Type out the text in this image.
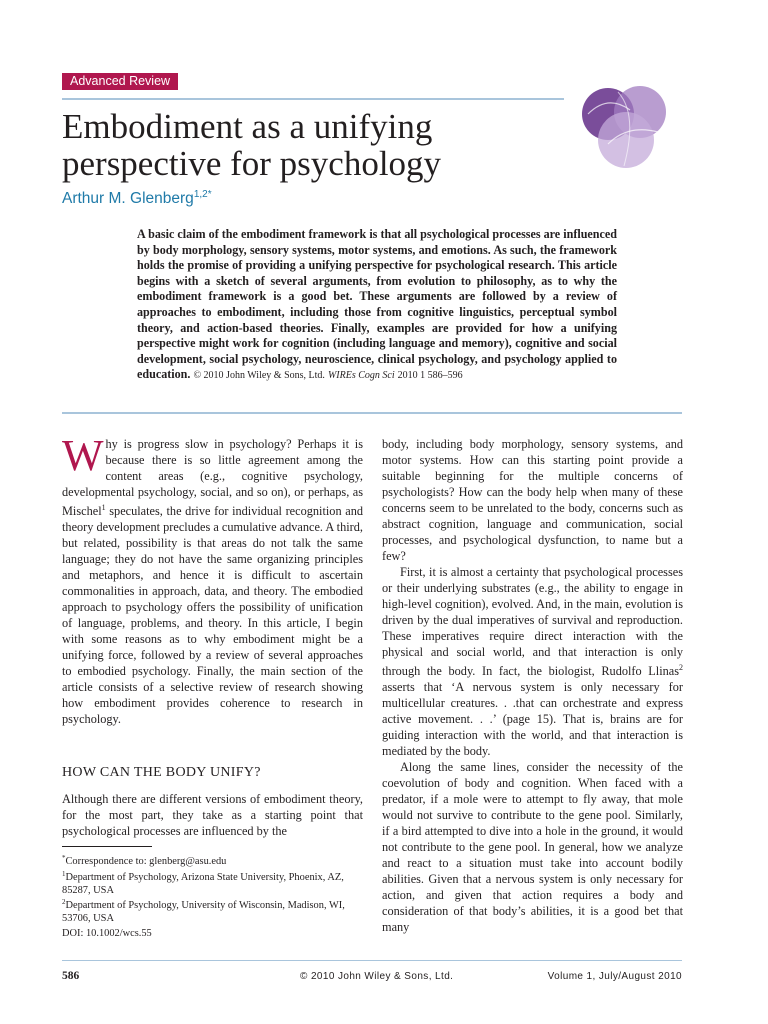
Advanced Review
Embodiment as a unifying perspective for psychology
Arthur M. Glenberg$^{1,2*}$

A basic claim of the embodiment framework is that all psychological processes are influenced by body morphology, sensory systems, motor systems, and emotions. As such, the framework holds the promise of providing a unifying perspective for psychological research. This article begins with a sketch of several arguments, from evolution to philosophy, as to why the embodiment framework is a good bet. These arguments are followed by a review of approaches to embodiment, including those from cognitive linguistics, perceptual symbol theory, and action-based theories. Finally, examples are provided for how a unifying perspective might work for cognition (including language and memory), cognitive and social development, social psychology, neuroscience, clinical psychology, and psychology applied to education. © 2010 John Wiley & Sons, Ltd. WIREs Cogn Sci 2010 1 586–596

Why is progress slow in psychology? Perhaps it is because there is so little agreement among the content areas (e.g., cognitive psychology, developmental psychology, social, and so on), or perhaps, as Mischel$^1$ speculates, the drive for individual recognition and theory development precludes a cumulative advance. A third, but related, possibility is that areas do not talk the same language; they do not have the same organizing principles and metaphors, and hence it is difficult to ascertain commonalities in approach, data, and theory. The embodied approach to psychology offers the possibility of unification of language, problems, and theory. In this article, I begin with some reasons as to why embodiment might be a unifying force, followed by a review of several approaches to embodied psychology. Finally, the main section of the article consists of a selective review of research showing how embodiment provides coherence to research in psychology.

HOW CAN THE BODY UNIFY?

Although there are different versions of embodiment theory, for the most part, they take as a starting point that psychological processes are influenced by the

*Correspondence to: glenberg@asu.edu

$^1$Department of Psychology, Arizona State University, Phoenix, AZ, 85287, USA

$^2$Department of Psychology, University of Wisconsin, Madison, WI, 53706, USA

DOI: 10.1002/wcs.55

body, including body morphology, sensory systems, and motor systems. How can this starting point provide a suitable beginning for the multiple concerns of psychologists? How can the body help when many of these concerns seem to be unrelated to the body, concerns such as abstract cognition, language and communication, social processes, and psychological dysfunction, to name but a few?

First, it is almost a certainty that psychological processes or their underlying substrates (e.g., the ability to engage in high-level cognition), evolved. And, in the main, evolution is driven by the dual imperatives of survival and reproduction. These imperatives require direct interaction with the physical and social world, and that interaction is only through the body. In fact, the biologist, Rudolfo Llinas$^2$ asserts that ‘A nervous system is only necessary for multicellular creatures. . .that can orchestrate and express active movement. . .’ (page 15). That is, brains are for guiding interaction with the world, and that interaction is mediated by the body.

Along the same lines, consider the necessity of the coevolution of body and cognition. When faced with a predator, if a mole were to attempt to fly away, that mole would not survive to contribute to the gene pool. Similarly, if a bird attempted to dive into a hole in the ground, it would not contribute to the gene pool. In general, how we analyze and react to a situation must take into account bodily abilities. Given that a nervous system is only necessary for action, and given that action requires a body and consideration of that body’s abilities, it is a good bet that many

586	© 2010 John Wiley & Sons, Ltd.	Volume 1, July/August 2010
